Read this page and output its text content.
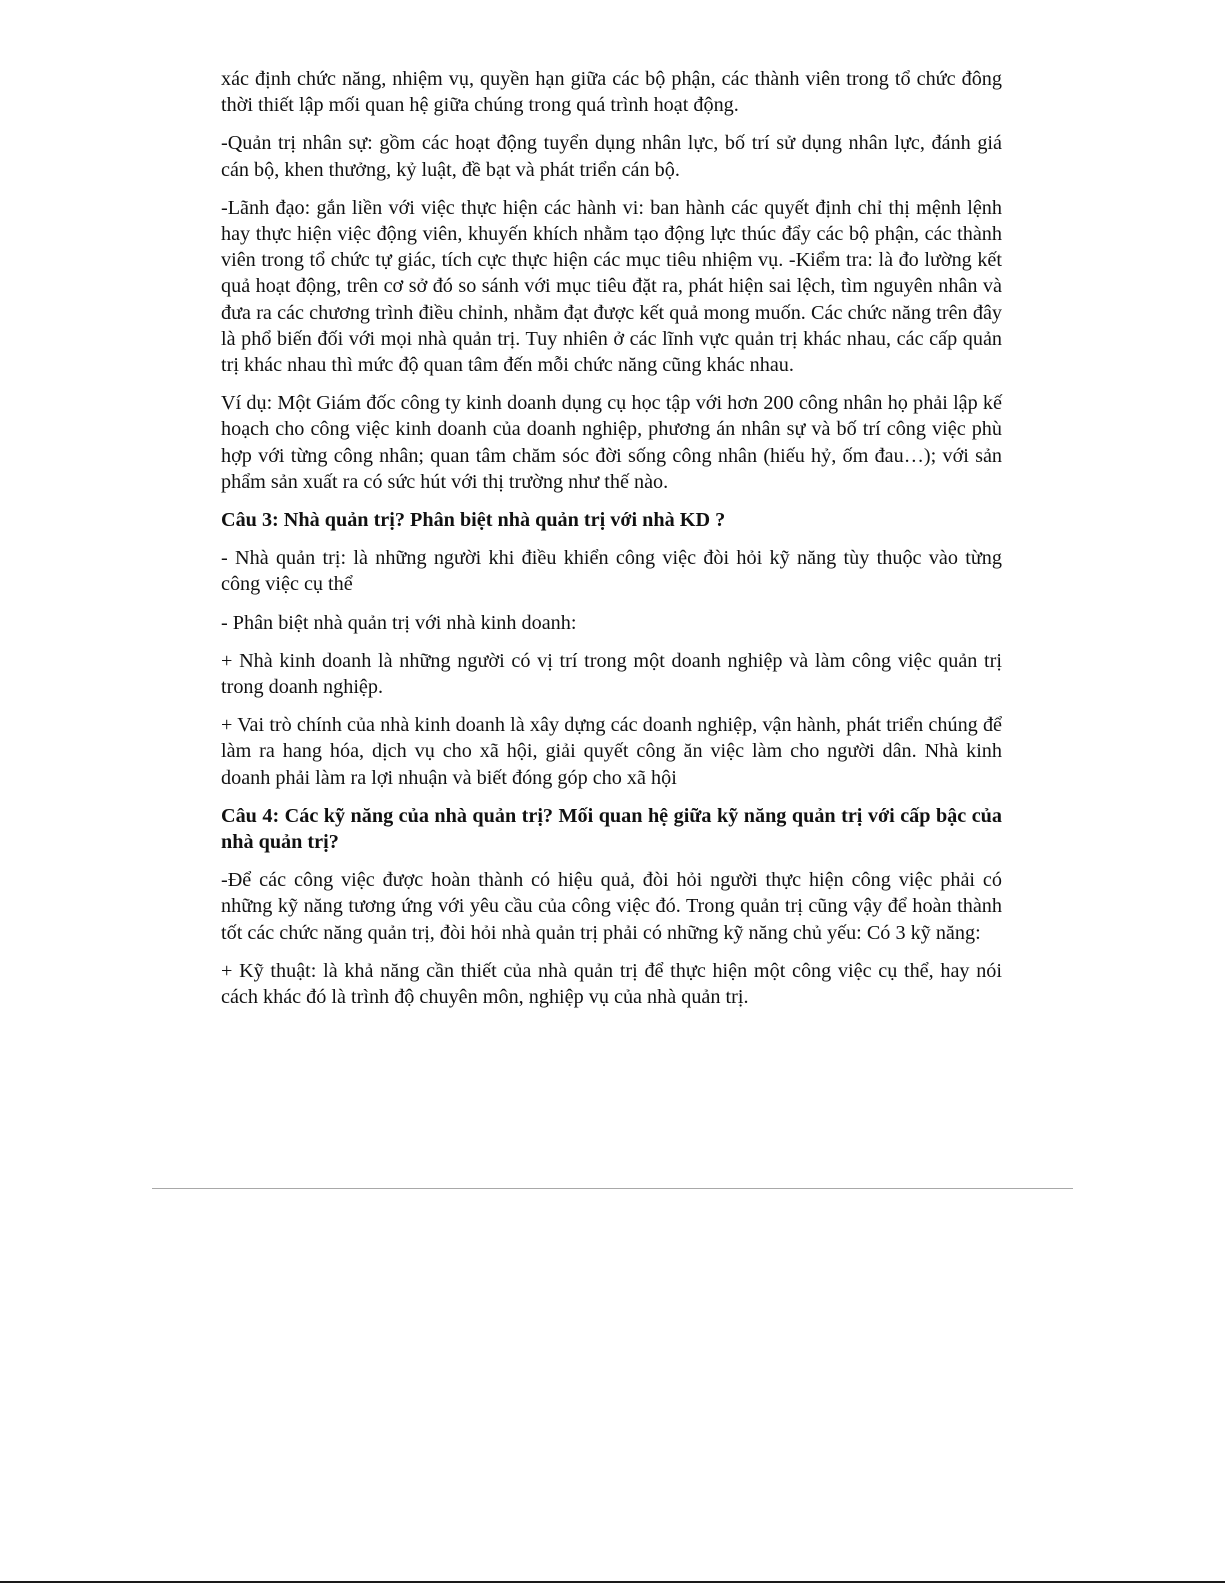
xác định chức năng, nhiệm vụ, quyền hạn giữa các bộ phận, các thành viên trong tổ chức đông thời thiết lập mối quan hệ giữa chúng trong quá trình hoạt động.

-Quản trị nhân sự: gồm các hoạt động tuyển dụng nhân lực, bố trí sử dụng nhân lực, đánh giá cán bộ, khen thưởng, kỷ luật, đề bạt và phát triển cán bộ.

-Lãnh đạo: gắn liền với việc thực hiện các hành vi: ban hành các quyết định chỉ thị mệnh lệnh hay thực hiện việc động viên, khuyến khích nhằm tạo động lực thúc đẩy các bộ phận, các thành viên trong tổ chức tự giác, tích cực thực hiện các mục tiêu nhiệm vụ. -Kiểm tra: là đo lường kết quả hoạt động, trên cơ sở đó so sánh với mục tiêu đặt ra, phát hiện sai lệch, tìm nguyên nhân và đưa ra các chương trình điều chỉnh, nhằm đạt được kết quả mong muốn. Các chức năng trên đây là phổ biến đối với mọi nhà quản trị. Tuy nhiên ở các lĩnh vực quản trị khác nhau, các cấp quản trị khác nhau thì mức độ quan tâm đến mỗi chức năng cũng khác nhau.

Ví dụ: Một Giám đốc công ty kinh doanh dụng cụ học tập với hơn 200 công nhân họ phải lập kế hoạch cho công việc kinh doanh của doanh nghiệp, phương án nhân sự và bố trí công việc phù hợp với từng công nhân; quan tâm chăm sóc đời sống công nhân (hiếu hỷ, ốm đau…); với sản phẩm sản xuất ra có sức hút với thị trường như thế nào.

Câu 3: Nhà quản trị? Phân biệt nhà quản trị với nhà KD ?

- Nhà quản trị: là những người khi điều khiển công việc đòi hỏi kỹ năng tùy thuộc vào từng công việc cụ thể

- Phân biệt nhà quản trị với nhà kinh doanh:

+ Nhà kinh doanh là những người có vị trí trong một doanh nghiệp và làm công việc quản trị trong doanh nghiệp.

+ Vai trò chính của nhà kinh doanh là xây dựng các doanh nghiệp, vận hành, phát triển chúng để làm ra hang hóa, dịch vụ cho xã hội, giải quyết công ăn việc làm cho người dân. Nhà kinh doanh phải làm ra lợi nhuận và biết đóng góp cho xã hội

Câu 4: Các kỹ năng của nhà quản trị? Mối quan hệ giữa kỹ năng quản trị với cấp bậc của nhà quản trị?

-Để các công việc được hoàn thành có hiệu quả, đòi hỏi người thực hiện công việc phải có những kỹ năng tương ứng với yêu cầu của công việc đó. Trong quản trị cũng vậy để hoàn thành tốt các chức năng quản trị, đòi hỏi nhà quản trị phải có những kỹ năng chủ yếu: Có 3 kỹ năng:

+ Kỹ thuật: là khả năng cần thiết của nhà quản trị để thực hiện một công việc cụ thể, hay nói cách khác đó là trình độ chuyên môn, nghiệp vụ của nhà quản trị.
